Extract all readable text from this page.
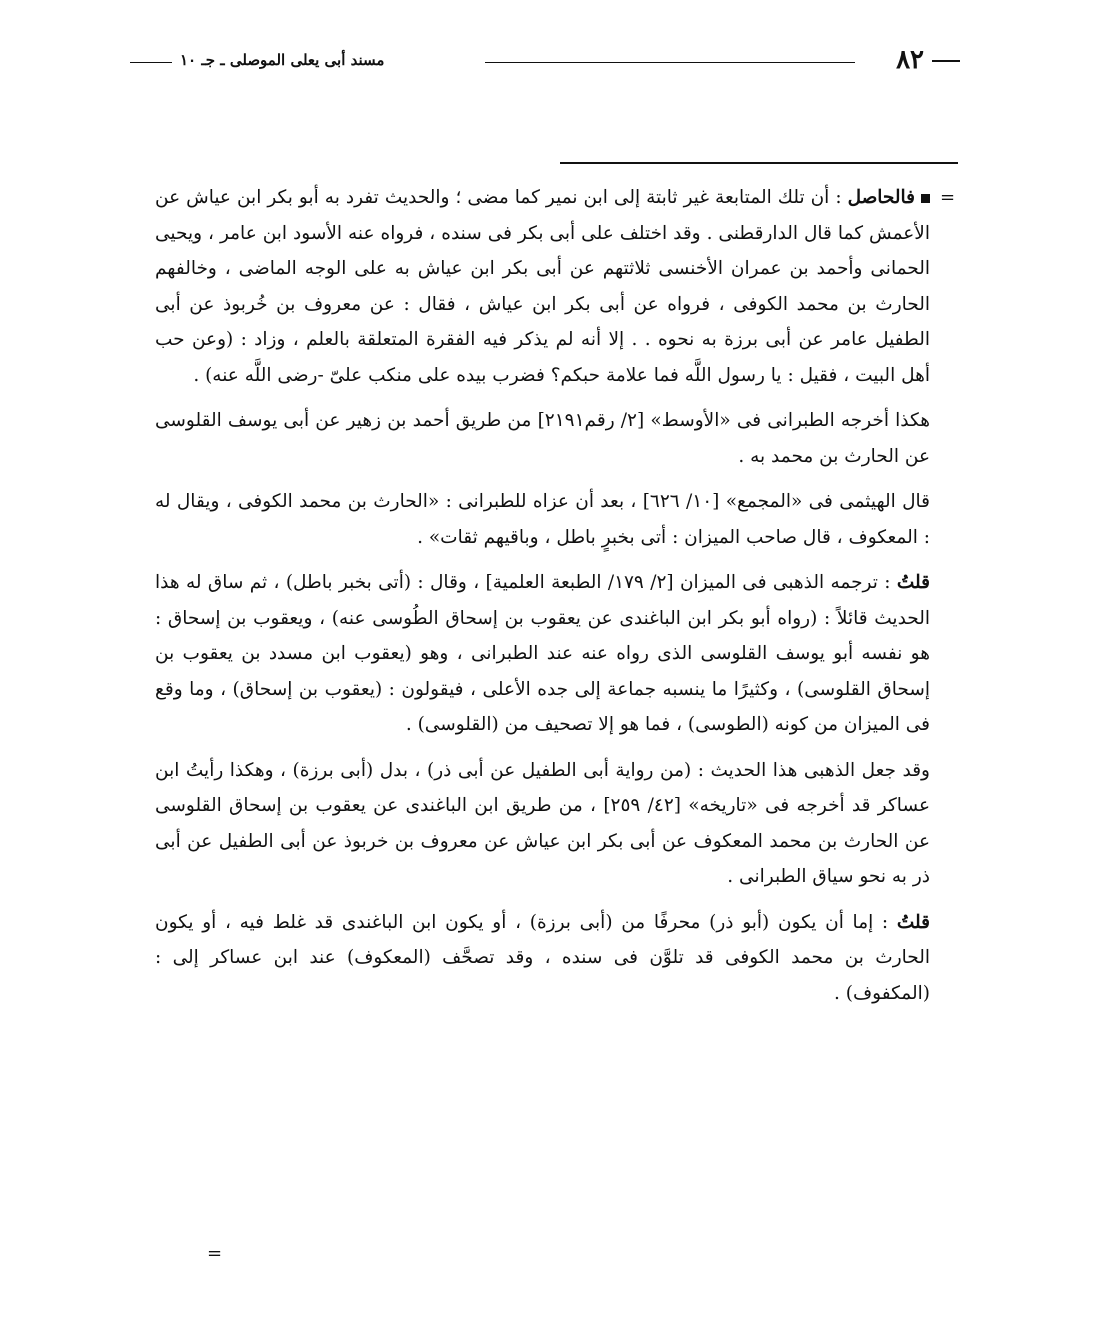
٨٢
مسند أبى يعلى الموصلى ـ جـ ١٠
=

فالحاصل : أن تلك المتابعة غير ثابتة إلى ابن نمير كما مضى ؛ والحديث تفرد به أبو بكر ابن عياش عن الأعمش كما قال الدارقطنى . وقد اختلف على أبى بكر فى سنده ، فرواه عنه الأسود ابن عامر ، ويحيى الحمانى وأحمد بن عمران الأخنسى ثلاثتهم عن أبى بكر ابن عياش به على الوجه الماضى ، وخالفهم الحارث بن محمد الكوفى ، فرواه عن أبى بكر ابن عياش ، فقال : عن معروف بن خُربوذ عن أبى الطفيل عامر عن أبى برزة به نحوه . . إلا أنه لم يذكر فيه الفقرة المتعلقة بالعلم ، وزاد : (وعن حب أهل البيت ، فقيل : يا رسول اللَّه فما علامة حبكم؟ فضرب بيده على منكب علىّ -رضى اللَّه عنه) .

هكذا أخرجه الطبرانى فى «الأوسط» [٢/ رقم٢١٩١] من طريق أحمد بن زهير عن أبى يوسف القلوسى عن الحارث بن محمد به .

قال الهيثمى فى «المجمع» [١٠/ ٦٢٦] ، بعد أن عزاه للطبرانى : «الحارث بن محمد الكوفى ، ويقال له : المعكوف ، قال صاحب الميزان : أتى بخبرٍ باطل ، وباقيهم ثقات» .

قلتُ : ترجمه الذهبى فى الميزان [٢/ ١٧٩/ الطبعة العلمية] ، وقال : (أتى بخبر باطل) ، ثم ساق له هذا الحديث قائلاً : (رواه أبو بكر ابن الباغندى عن يعقوب بن إسحاق الطُوسى عنه) ، ويعقوب بن إسحاق : هو نفسه أبو يوسف القلوسى الذى رواه عنه عند الطبرانى ، وهو (يعقوب ابن مسدد بن يعقوب بن إسحاق القلوسى) ، وكثيرًا ما ينسبه جماعة إلى جده الأعلى ، فيقولون : (يعقوب بن إسحاق) ، وما وقع فى الميزان من كونه (الطوسى) ، فما هو إلا تصحيف من (القلوسى) .

وقد جعل الذهبى هذا الحديث : (من رواية أبى الطفيل عن أبى ذر) ، بدل (أبى برزة) ، وهكذا رأيتُ ابن عساكر قد أخرجه فى «تاريخه» [٤٢/ ٢٥٩] ، من طريق ابن الباغندى عن يعقوب بن إسحاق القلوسى عن الحارث بن محمد المعكوف عن أبى بكر ابن عياش عن معروف بن خربوذ عن أبى الطفيل عن أبى ذر به نحو سياق الطبرانى .

قلتُ : إما أن يكون (أبو ذر) محرفًا من (أبى برزة) ، أو يكون ابن الباغندى قد غلط فيه ، أو يكون الحارث بن محمد الكوفى قد تلوَّن فى سنده ، وقد تصحَّف (المعكوف) عند ابن عساكر إلى : (المكفوف) .

=
